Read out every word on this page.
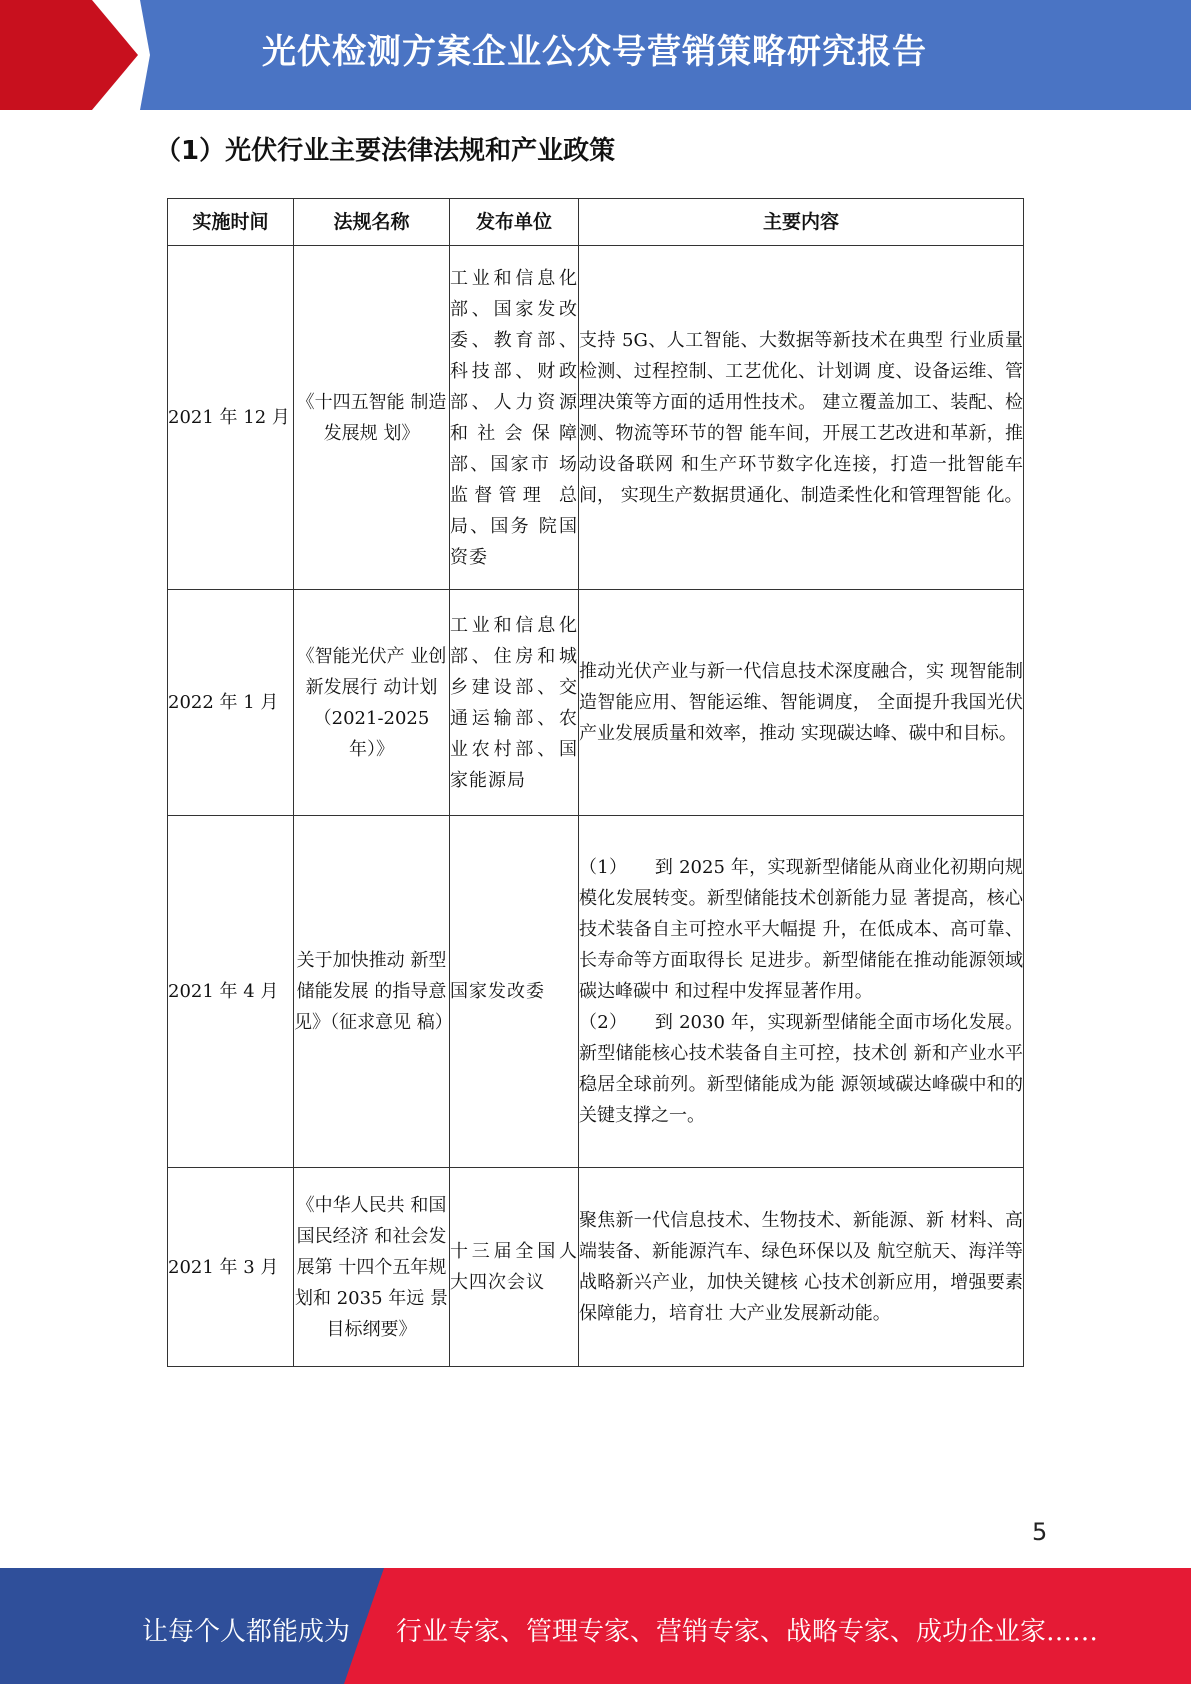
光伏检测方案企业公众号营销策略研究报告
（1）光伏行业主要法律法规和产业政策
实施时间	法规名称	发布单位	主要内容
2021 年 12 月	《十四五智能 制造发展规 划》	工业和信息化部、国家发改委、教育部、科技部、财政部、人力资源和社会保障 部、国家市 场监督管理 总局、国务 院国资委	支持 5G、人工智能、大数据等新技术在典型 行业质量检测、过程控制、工艺优化、计划调 度、设备运维、管理决策等方面的适用性技术。 建立覆盖加工、装配、检测、物流等环节的智 能车间，开展工艺改进和革新，推动设备联网 和生产环节数字化连接，打造一批智能车间， 实现生产数据贯通化、制造柔性化和管理智能 化。

2022 年 1 月	《智能光伏产 业创新发展行 动计划（2021-2025 年）》	工业和信息化部、住房和城乡建设部、交通运输部、农业农村部、国家能源局	推动光伏产业与新一代信息技术深度融合，实 现智能制造智能应用、智能运维、智能调度， 全面提升我国光伏产业发展质量和效率，推动 实现碳达峰、碳中和目标。

2021 年 4 月	关于加快推动 新型储能发展 的指导意见》（征求意见 稿）	国家发改委	（1）　　到 2025 年，实现新型储能从商业化初期向规模化发展转变。新型储能技术创新能力显 著提高，核心技术装备自主可控水平大幅提 升，在低成本、高可靠、长寿命等方面取得长 足进步。新型储能在推动能源领域碳达峰碳中 和过程中发挥显著作用。
（2）　　到 2030 年，实现新型储能全面市场化发展。新型储能核心技术装备自主可控，技术创 新和产业水平稳居全球前列。新型储能成为能 源领域碳达峰碳中和的关键支撑之一。

2021 年 3 月	《中华人民共 和国国民经济 和社会发展第 十四个五年规 划和 2035 年远 景目标纲要》	十三届全国人大四次会议	聚焦新一代信息技术、生物技术、新能源、新 材料、高端装备、新能源汽车、绿色环保以及 航空航天、海洋等战略新兴产业，加快关键核 心技术创新应用，增强要素保障能力，培育壮 大产业发展新动能。
5
让每个人都能成为 行业专家、管理专家、营销专家、战略专家、成功企业家……
